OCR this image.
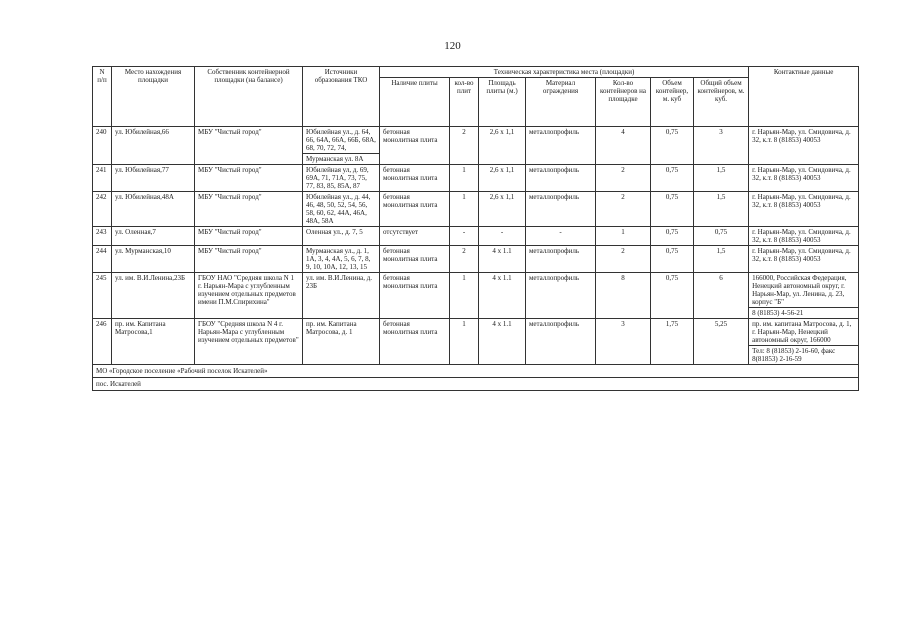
120
N п/п	Место нахождения площадки	Собственник контейнерной площадки (на балансе)	Источники образования ТКО	Техническая характеристика места (площадки)							Контактные данные
				Наличие плиты	кол-во плит	Площадь плиты (м.)	Материал ограждения	Кол-во контейнеров на площадке	Объем контейнер, м. куб	Общий объем контейнеров, м. куб.	
240	ул. Юбилейная,66	МБУ "Чистый город"	Юбилейная ул., д. 64, 66, 64А, 66А, 66Б, 68А, 68, 70, 72, 74,	бетонная монолитная плита	2	2,6 х 1,1	металлопрофиль	4	0,75	3	г. Нарьян-Мар, ул. Смидовича, д. 32, к.т. 8 (81853) 40053
			Мурманская ул. 8А								
241	ул. Юбилейная,77	МБУ "Чистый город"	Юбилейная ул, д. 69, 69А, 71, 71А, 73, 75, 77, 83, 85, 85А, 87	бетонная монолитная плита	1	2,6 х 1,1	металлопрофиль	2	0,75	1,5	г. Нарьян-Мар, ул. Смидовича, д. 32, к.т. 8 (81853) 40053
242	ул. Юбилейная,48А	МБУ "Чистый город"	Юбилейная ул., д. 44, 46, 48, 50, 52, 54, 56, 58, 60, 62, 44А, 46А, 48А, 58А	бетонная монолитная плита	1	2,6 х 1,1	металлопрофиль	2	0,75	1,5	г. Нарьян-Мар, ул. Смидовича, д. 32, к.т. 8 (81853) 40053
243	ул. Оленная,7	МБУ "Чистый город"	Оленная ул., д. 7, 5	отсутствует	-	-	-	1	0,75	0,75	г. Нарьян-Мар, ул. Смидовича, д. 32, к.т. 8 (81853) 40053
244	ул. Мурманская,10	МБУ "Чистый город"	Мурманская ул., д. 1, 1А, 3, 4, 4А, 5, 6, 7, 8, 9, 10, 10А, 12, 13, 15	бетонная монолитная плита	2	4 х 1.1	металлопрофиль	2	0,75	1,5	г. Нарьян-Мар, ул. Смидовича, д. 32, к.т. 8 (81853) 40053
245	ул. им. В.И.Ленина,23Б	ГБОУ НАО "Средняя школа N 1 г. Нарьян-Мара с углубленным изучением отдельных предметов имени П.М.Спирихина"	ул. им. В.И.Ленина, д. 23Б	бетонная монолитная плита	1	4 х 1.1	металлопрофиль	8	0,75	6	166000, Российская Федерация, Ненецкий автономный округ, г. Нарьян-Мар, ул. Ленина, д. 23, корпус "Б"
											8 (81853) 4-56-21
246	пр. им. Капитана Матросова,1	ГБОУ "Средняя школа N 4 г. Нарьян-Мара с углубленным изучением отдельных предметов"	пр. им. Капитана Матросова, д. 1	бетонная монолитная плита	1	4 х 1.1	металлопрофиль	3	1,75	5,25	пр. им. капитана Матросова, д. 1, г. Нарьян-Мар, Ненецкий автономный округ, 166000
											Тел: 8 (81853) 2-16-60, факс 8(81853) 2-16-59
МО «Городское поселение «Рабочий поселок Искателей»											
пос. Искателей											
